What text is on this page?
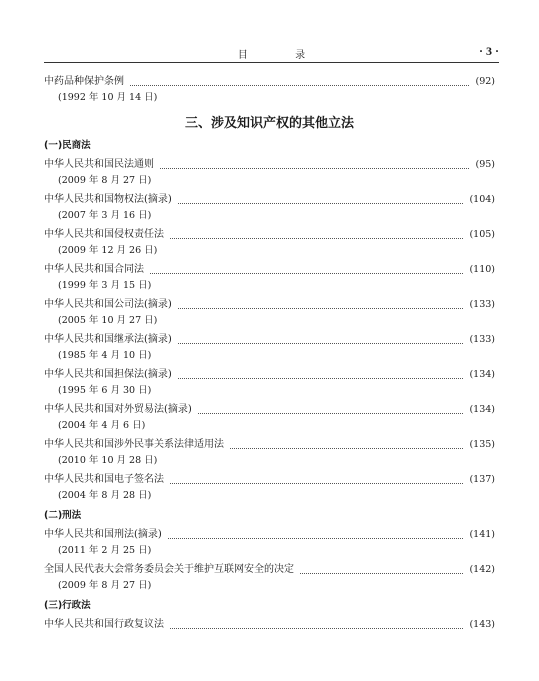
目 录	· 3 ·
中药品种保护条例	(92)
(1992 年 10 月 14 日)
三、涉及知识产权的其他立法
(一)民商法
中华人民共和国民法通则	(95)
(2009 年 8 月 27 日)
中华人民共和国物权法(摘录)	(104)
(2007 年 3 月 16 日)
中华人民共和国侵权责任法	(105)
(2009 年 12 月 26 日)
中华人民共和国合同法	(110)
(1999 年 3 月 15 日)
中华人民共和国公司法(摘录)	(133)
(2005 年 10 月 27 日)
中华人民共和国继承法(摘录)	(133)
(1985 年 4 月 10 日)
中华人民共和国担保法(摘录)	(134)
(1995 年 6 月 30 日)
中华人民共和国对外贸易法(摘录)	(134)
(2004 年 4 月 6 日)
中华人民共和国涉外民事关系法律适用法	(135)
(2010 年 10 月 28 日)
中华人民共和国电子签名法	(137)
(2004 年 8 月 28 日)
(二)刑法
中华人民共和国刑法(摘录)	(141)
(2011 年 2 月 25 日)
全国人民代表大会常务委员会关于维护互联网安全的决定	(142)
(2009 年 8 月 27 日)
(三)行政法
中华人民共和国行政复议法	(143)
